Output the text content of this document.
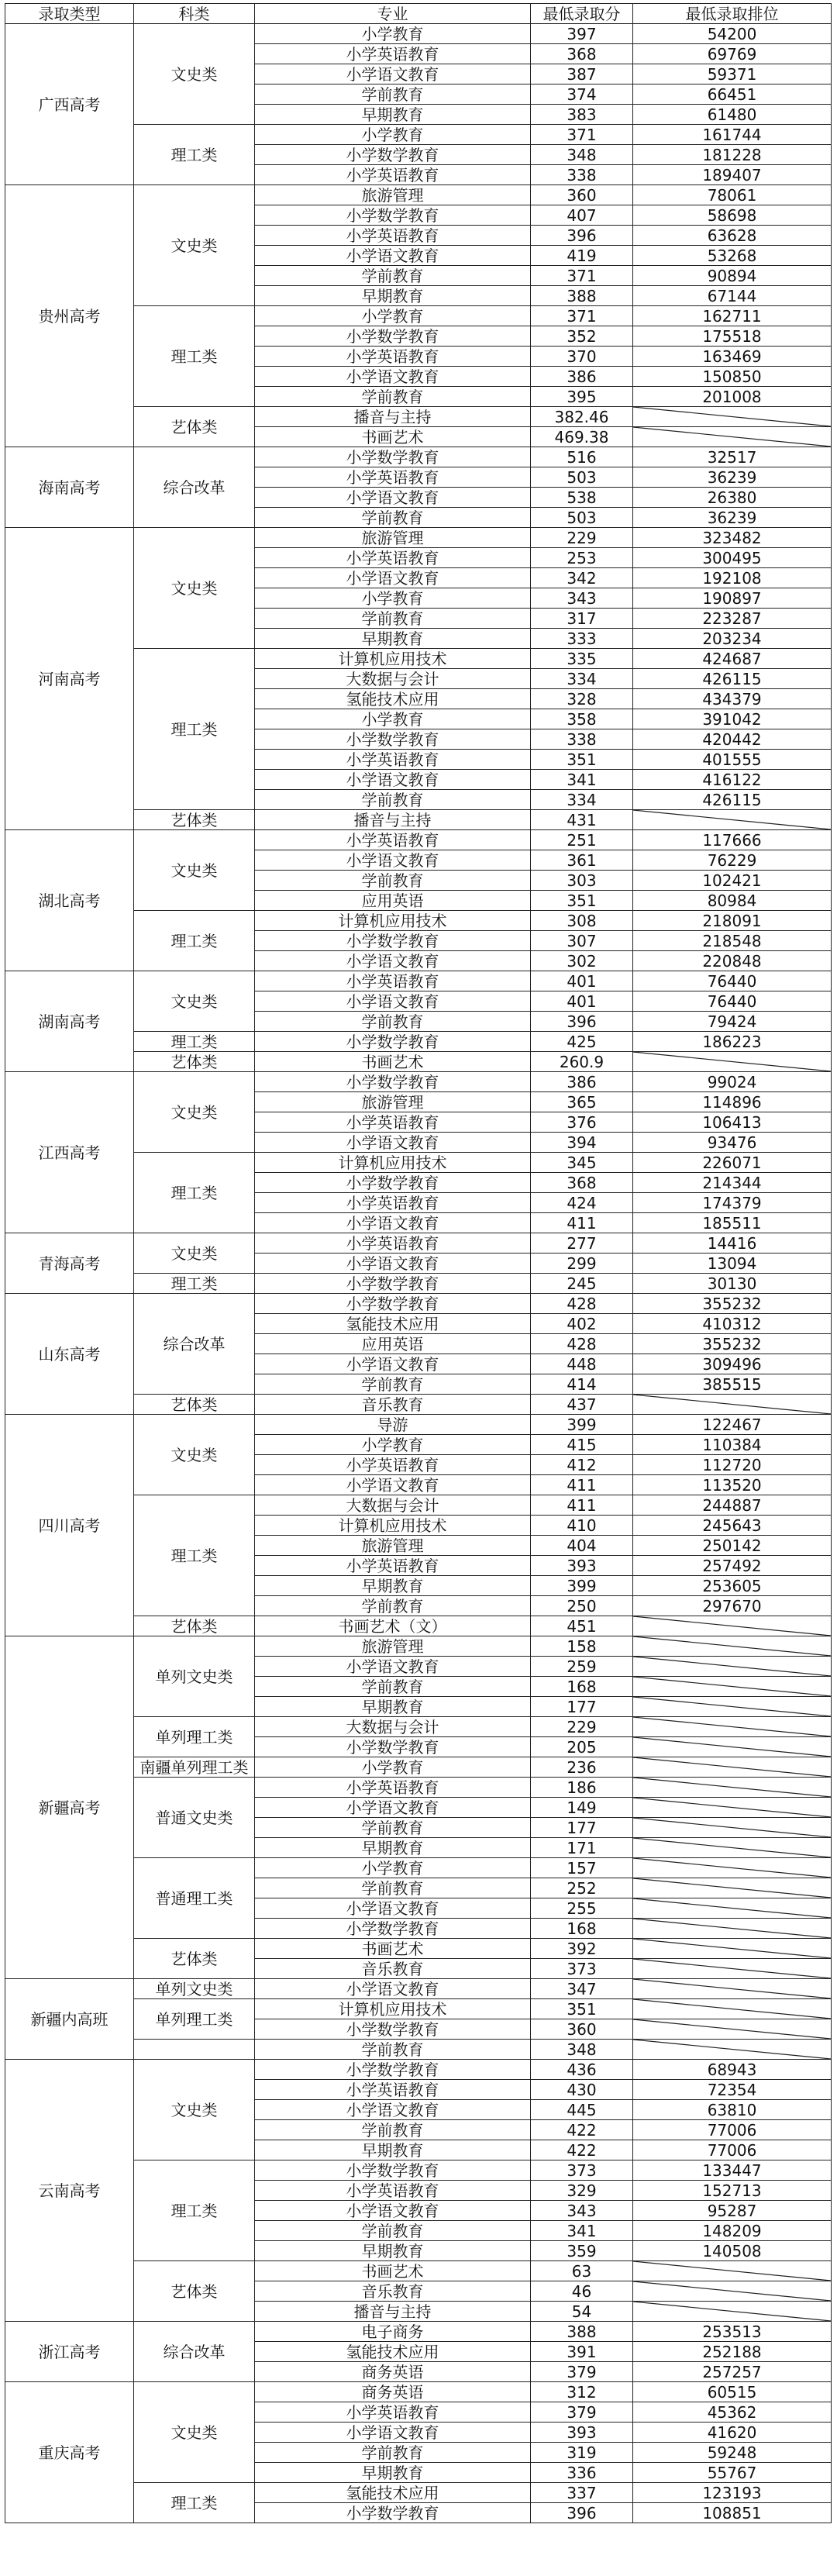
录取类型	科类	专业	最低录取分	最低录取排位
广西高考	文史类	小学教育	397	54200
		小学英语教育	368	69769
		小学语文教育	387	59371
		学前教育	374	66451
		早期教育	383	61480
	理工类	小学教育	371	161744
		小学数学教育	348	181228
		小学英语教育	338	189407
贵州高考	文史类	旅游管理	360	78061
		小学数学教育	407	58698
		小学英语教育	396	63628
		小学语文教育	419	53268
		学前教育	371	90894
		早期教育	388	67144
	理工类	小学教育	371	162711
		小学数学教育	352	175518
		小学英语教育	370	163469
		小学语文教育	386	150850
		学前教育	395	201008
	艺体类	播音与主持	382.46	

		书画艺术	469.38	

海南高考	综合改革	小学数学教育	516	32517
		小学英语教育	503	36239
		小学语文教育	538	26380
		学前教育	503	36239
河南高考	文史类	旅游管理	229	323482
		小学英语教育	253	300495
		小学语文教育	342	192108
		小学教育	343	190897
		学前教育	317	223287
		早期教育	333	203234
	理工类	计算机应用技术	335	424687
		大数据与会计	334	426115
		氢能技术应用	328	434379
		小学教育	358	391042
		小学数学教育	338	420442
		小学英语教育	351	401555
		小学语文教育	341	416122
		学前教育	334	426115
	艺体类	播音与主持	431	

湖北高考	文史类	小学英语教育	251	117666
		小学语文教育	361	76229
		学前教育	303	102421
		应用英语	351	80984
	理工类	计算机应用技术	308	218091
		小学数学教育	307	218548
		小学语文教育	302	220848
湖南高考	文史类	小学英语教育	401	76440
		小学语文教育	401	76440
		学前教育	396	79424
	理工类	小学数学教育	425	186223
	艺体类	书画艺术	260.9	

江西高考	文史类	小学数学教育	386	99024
		旅游管理	365	114896
		小学英语教育	376	106413
		小学语文教育	394	93476
	理工类	计算机应用技术	345	226071
		小学数学教育	368	214344
		小学英语教育	424	174379
		小学语文教育	411	185511
青海高考	文史类	小学英语教育	277	14416
		小学语文教育	299	13094
	理工类	小学数学教育	245	30130
山东高考	综合改革	小学数学教育	428	355232
		氢能技术应用	402	410312
		应用英语	428	355232
		小学语文教育	448	309496
		学前教育	414	385515
	艺体类	音乐教育	437	

四川高考	文史类	导游	399	122467
		小学教育	415	110384
		小学英语教育	412	112720
		小学语文教育	411	113520
	理工类	大数据与会计	411	244887
		计算机应用技术	410	245643
		旅游管理	404	250142
		小学英语教育	393	257492
		早期教育	399	253605
		学前教育	250	297670
	艺体类	书画艺术（文）	451	

新疆高考	单列文史类	旅游管理	158	

		小学语文教育	259	

		学前教育	168	

		早期教育	177	

	单列理工类	大数据与会计	229	

		小学数学教育	205	

	南疆单列理工类	小学教育	236	

	普通文史类	小学英语教育	186	

		小学语文教育	149	

		学前教育	177	

		早期教育	171	

	普通理工类	小学教育	157	

		学前教育	252	

		小学语文教育	255	

		小学数学教育	168	

	艺体类	书画艺术	392	

		音乐教育	373	

新疆内高班	单列文史类	小学语文教育	347	

	单列理工类	计算机应用技术	351	

		小学数学教育	360	

		学前教育	348	

云南高考	文史类	小学数学教育	436	68943
		小学英语教育	430	72354
		小学语文教育	445	63810
		学前教育	422	77006
		早期教育	422	77006
	理工类	小学数学教育	373	133447
		小学英语教育	329	152713
		小学语文教育	343	95287
		学前教育	341	148209
		早期教育	359	140508
	艺体类	书画艺术	63	

		音乐教育	46	

		播音与主持	54	

浙江高考	综合改革	电子商务	388	253513
		氢能技术应用	391	252188
		商务英语	379	257257
重庆高考	文史类	商务英语	312	60515
		小学英语教育	379	45362
		小学语文教育	393	41620
		学前教育	319	59248
		早期教育	336	55767
	理工类	氢能技术应用	337	123193
		小学数学教育	396	108851
